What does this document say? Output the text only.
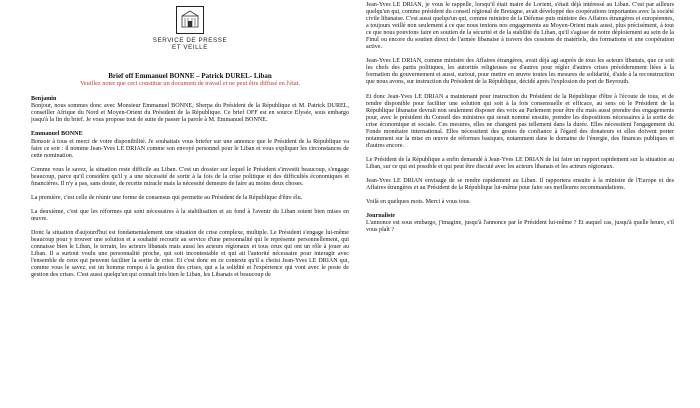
SERVICE DE PRESSE
ET VEILLE
Brief off Emmanuel BONNE – Patrick DUREL- Liban
Veuillez noter que ceci constitue un document de travail et ne peut être diffusé en l'état.

Benjamin

Bonjour, nous sommes donc avec Monsieur Emmanuel BONNE, Sherpa du Président de la République et M. Patrick DUREL, conseiller Afrique du Nord et Moyen-Orient du Président de la République. Ce brief OFF est en source Elysée, sous embargo jusqu'à la fin du brief. Je vous propose tout de suite de passer la parole à M. Emmanuel BONNE.

Emmanuel BONNE

Bonsoir à tous et merci de votre disponibilité. Je souhaitais vous briefer sur une annonce que le Président de la République va faire ce soir : il nomme Jean-Yves LE DRIAN comme son envoyé personnel pour le Liban et vous expliquer les circonstances de cette nomination.

Comme vous le savez, la situation reste difficile au Liban. C'est un dossier sur lequel le Président s'investit beaucoup, s'engage beaucoup, parce qu'il considère qu'il y a une nécessité de sortir à la fois de la crise politique et des difficultés économiques et financières. Il n'y a pas, sans doute, de recette miracle mais la nécessité demeure de faire au moins deux choses.

La première, c'est celle de réunir une forme de consensus qui permette au Président de la République d'être élu.

La deuxième, c'est que les réformes qui sont nécessaires à la stabilisation et au fond à l'avenir du Liban soient bien mises en œuvre.

Donc la situation d'aujourd'hui est fondamentalement une situation de crise complexe, multiple. Le Président s'engage lui-même beaucoup pour y trouver une solution et a souhaité recourir au service d'une personnalité qui le représente personnellement, qui connaisse bien le Liban, le terrain, les acteurs libanais mais aussi les acteurs régionaux et tous ceux qui ont un rôle à jouer au Liban. Il a surtout voulu une personnalité proche, qui soit incontestable et qui ait l'autorité nécessaire pour interagir avec l'ensemble de ceux qui peuvent faciliter la sortie de crise. Et c'est donc en ce contexte qu'il a choisi Jean-Yves LE DRIAN qui, comme vous le savez, est un homme rompu à la gestion des crises, qui a la solidité et l'expérience qui vont avec le poste de gestion des crises. C'est aussi quelqu'un qui connaît très bien le Liban, les Libanais et beaucoup de

Jean-Yves LE DRIAN, je vous le rappelle, lorsqu'il était maire de Lorient, s'était déjà intéressé au Liban. C'est par ailleurs quelqu'un qui, comme président du conseil régional de Bretagne, avait développé des coopérations importantes avec la société civile libanaise. C'est aussi quelqu'un qui, comme ministre de la Défense puis ministre des Affaires étrangères et européennes, a toujours veillé non seulement à ce que nous tenions nos engagements au Moyen-Orient mais aussi, plus précisément, à tout ce que nous pouvions faire en soutien de la sécurité et de la stabilité du Liban, qu'il s'agisse de notre déploiement au sein de la Finul ou encore du soutien direct de l'armée libanaise à travers des cessions de matériels, des formations et une coopération active.

Jean-Yves LE DRIAN, comme ministre des Affaires étrangères, avait déjà agi auprès de tous les acteurs libanais, que ce soit les chefs des partis politiques, les autorités religieuses ou d'autres pour régler d'autres crises précédemment liées à la formation du gouvernement et aussi, surtout, pour mettre en œuvre toutes les mesures de solidarité, d'aide à la reconstruction que nous avons, sur instruction du Président de la République, décidé après l'explosion du port de Beyrouth.

Et donc Jean-Yves LE DRIAN a maintenant pour instruction du Président de la République d'être à l'écoute de tous, et de rendre disponible pour faciliter une solution qui soit à la fois consensuelle et efficace, au sens où le Président de la République libanaise devrait non seulement disposer des voix au Parlement pour être élu mais aussi prendre des engagements pour, avec le président du Conseil des ministres qui serait nommé ensuite, prendre les dispositions nécessaires à la sortie de crise économique et sociale. Ces mesures, elles ne changent pas tellement dans la durée. Elles nécessitent l'engagement du Fonds monétaire international. Elles nécessitent des gestes de confiance à l'égard des donateurs et elles doivent porter notamment sur la mise en œuvre de réformes basiques, notamment dans le domaine de l'énergie, des finances publiques et d'autres encore.

Le Président de la République a enfin demandé à Jean-Yves LE DRIAN de lui faire un rapport rapidement sur la situation au Liban, sur ce qui est possible et qui peut être discuté avec les acteurs libanais et les acteurs régionaux.

Jean-Yves LE DRIAN envisage de se rendre rapidement au Liban. Il rapportera ensuite à la ministre de l'Europe et des Affaires étrangères et au Président de la République lui-même pour faire ses meilleures recommandations.

Voilà en quelques mots. Merci à vous tous.

Journaliste

L'annonce est sous embargo, j'imagine, jusqu'à l'annonce par le Président lui-même ? Et auquel cas, jusqu'à quelle heure, s'il vous plaît ?
